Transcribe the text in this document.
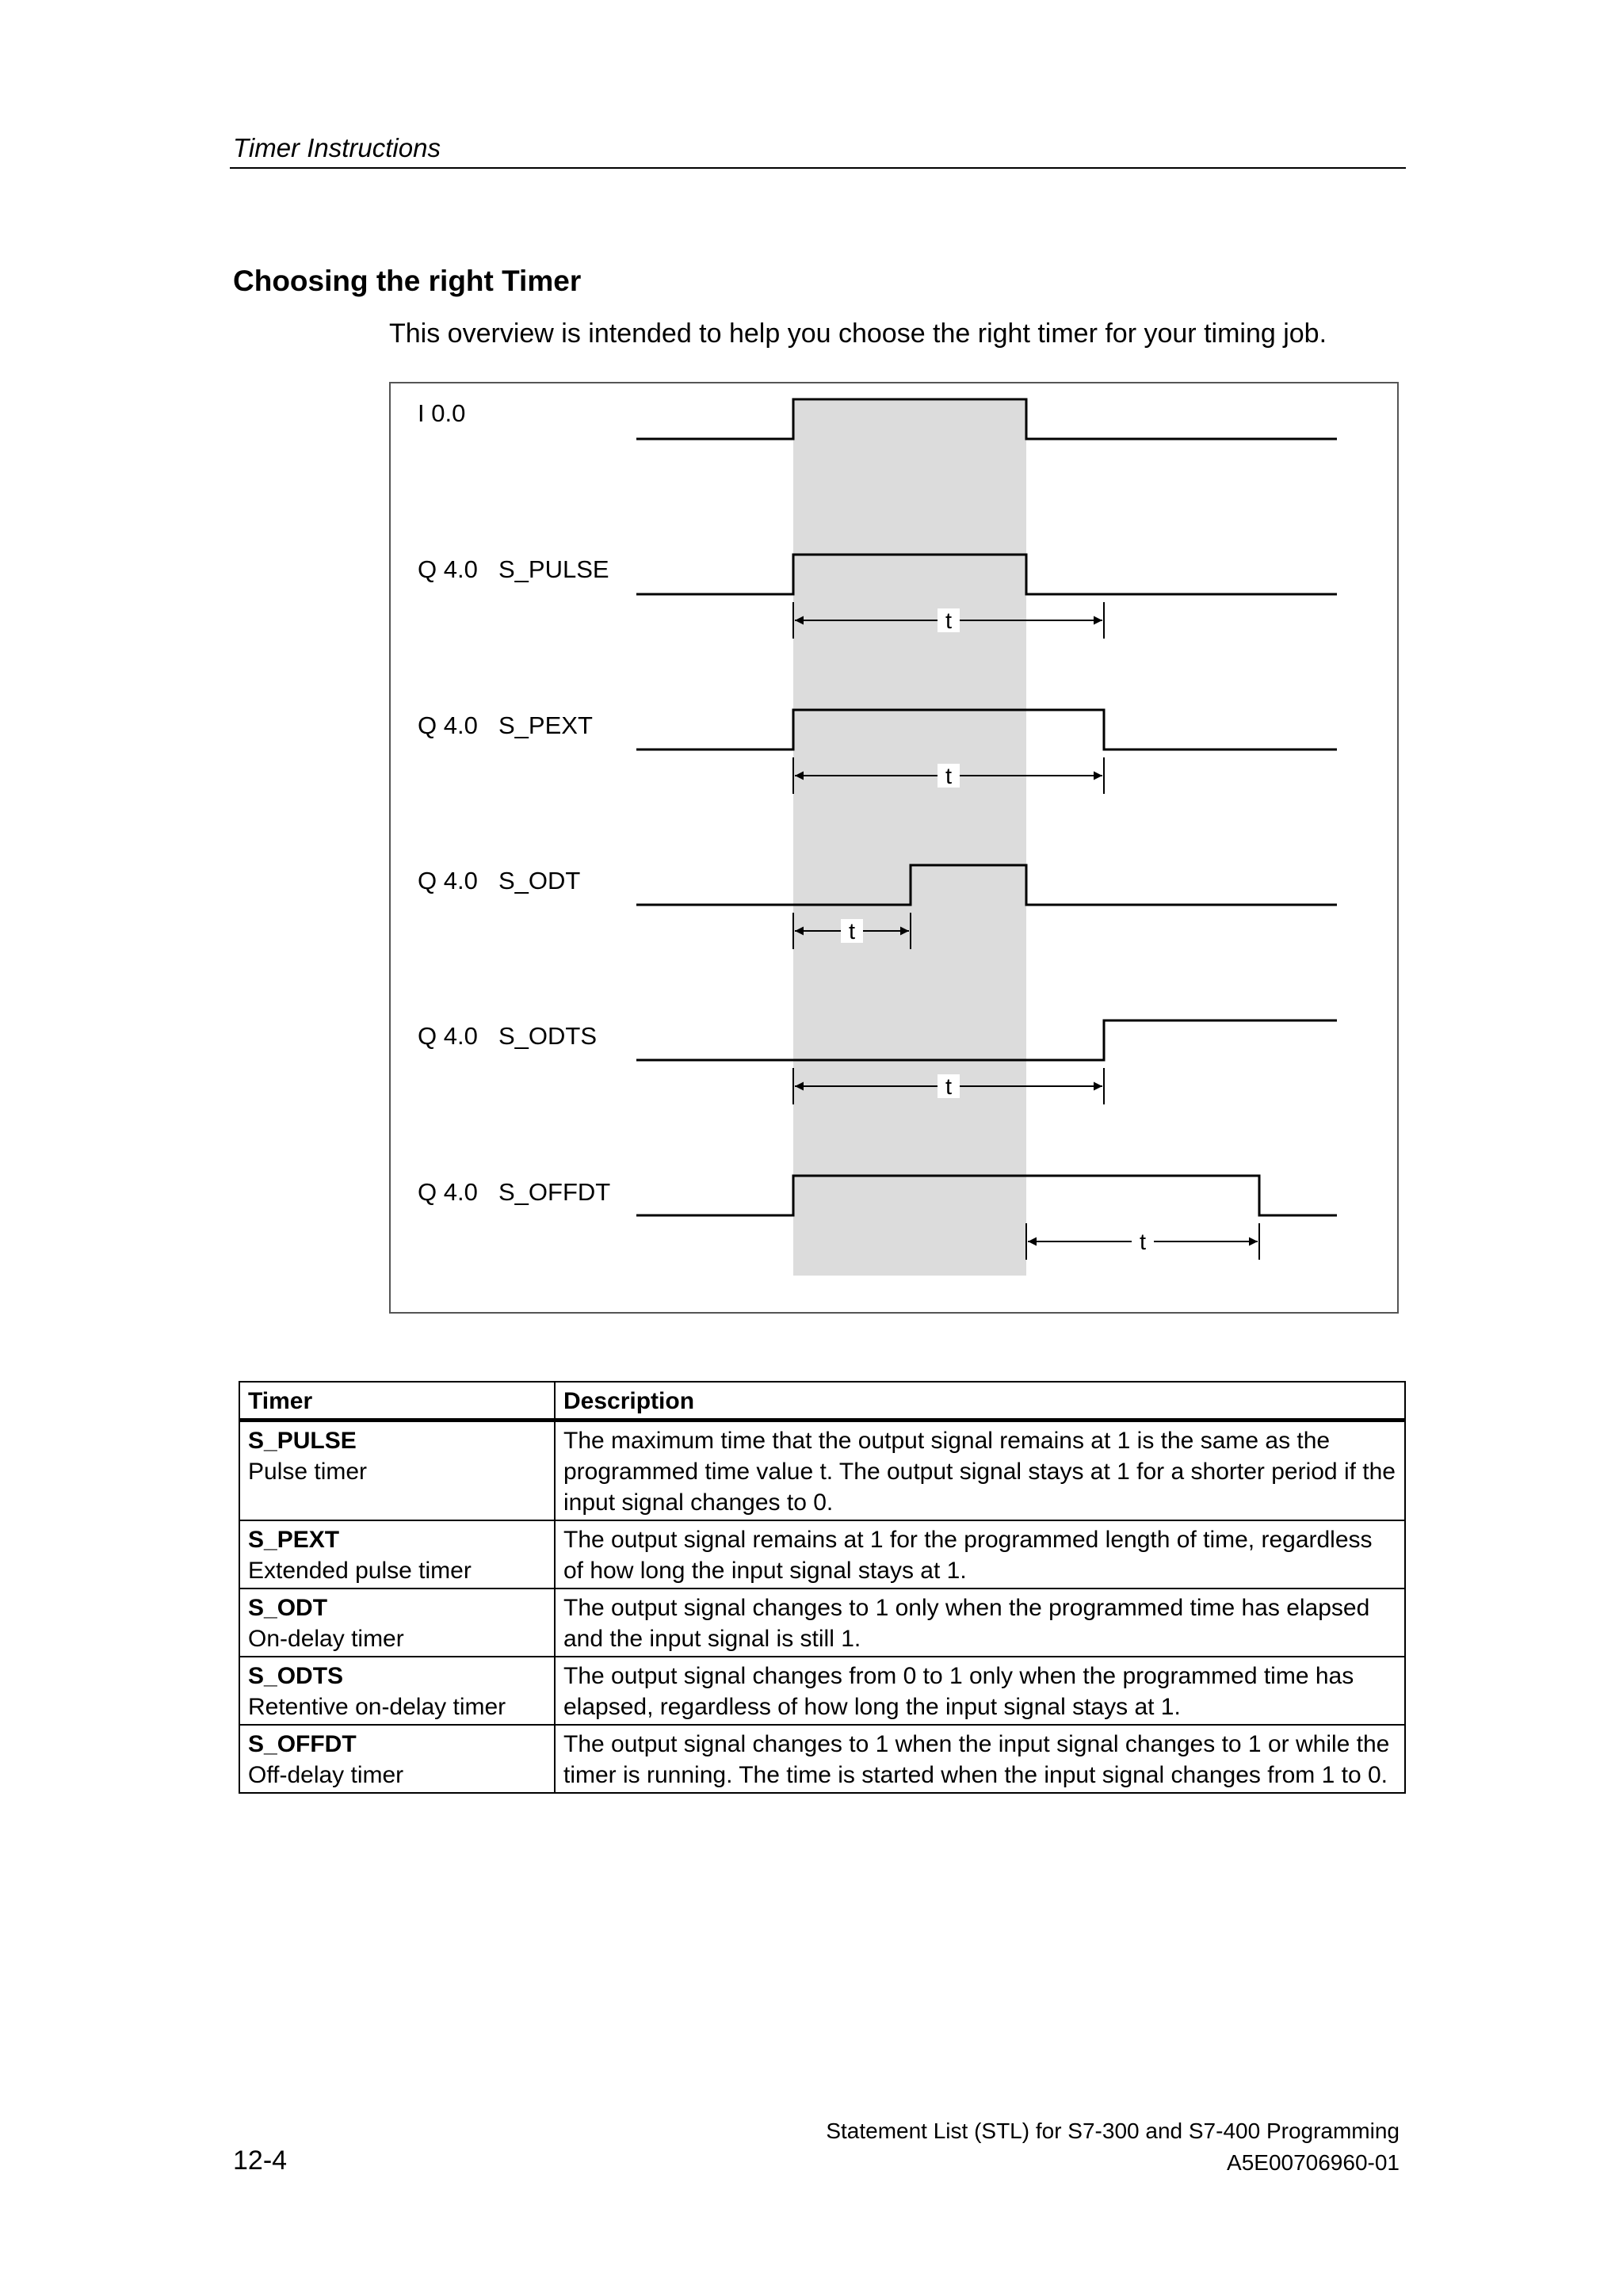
Timer Instructions
Choosing the right Timer
This overview is intended to help you choose the right timer for your timing job.
I 0.0
Q 4.0 S_PULSE
Q 4.0 S_PEXT
Q 4.0 S_ODT
Q 4.0 S_ODTS
Q 4.0 S_OFFDT
t
t
t
t
t
Timer	Description

S_PULSE
Pulse timer	The maximum time that the output signal remains at 1 is the same as the programmed time value t. The output signal stays at 1 for a shorter period if the input signal changes to 0.

S_PEXT
Extended pulse timer	The output signal remains at 1 for the programmed length of time, regardless of how long the input signal stays at 1.

S_ODT
On-delay timer	The output signal changes to 1 only when the programmed time has elapsed and the input signal is still 1.

S_ODTS
Retentive on-delay timer	The output signal changes from 0 to 1 only when the programmed time has elapsed, regardless of how long the input signal stays at 1.

S_OFFDT
Off-delay timer	The output signal changes to 1 when the input signal changes to 1 or while the timer is running. The time is started when the input signal changes from 1 to 0.
Statement List (STL) for S7-300 and S7-400 Programming
A5E00706960-01
12-4
